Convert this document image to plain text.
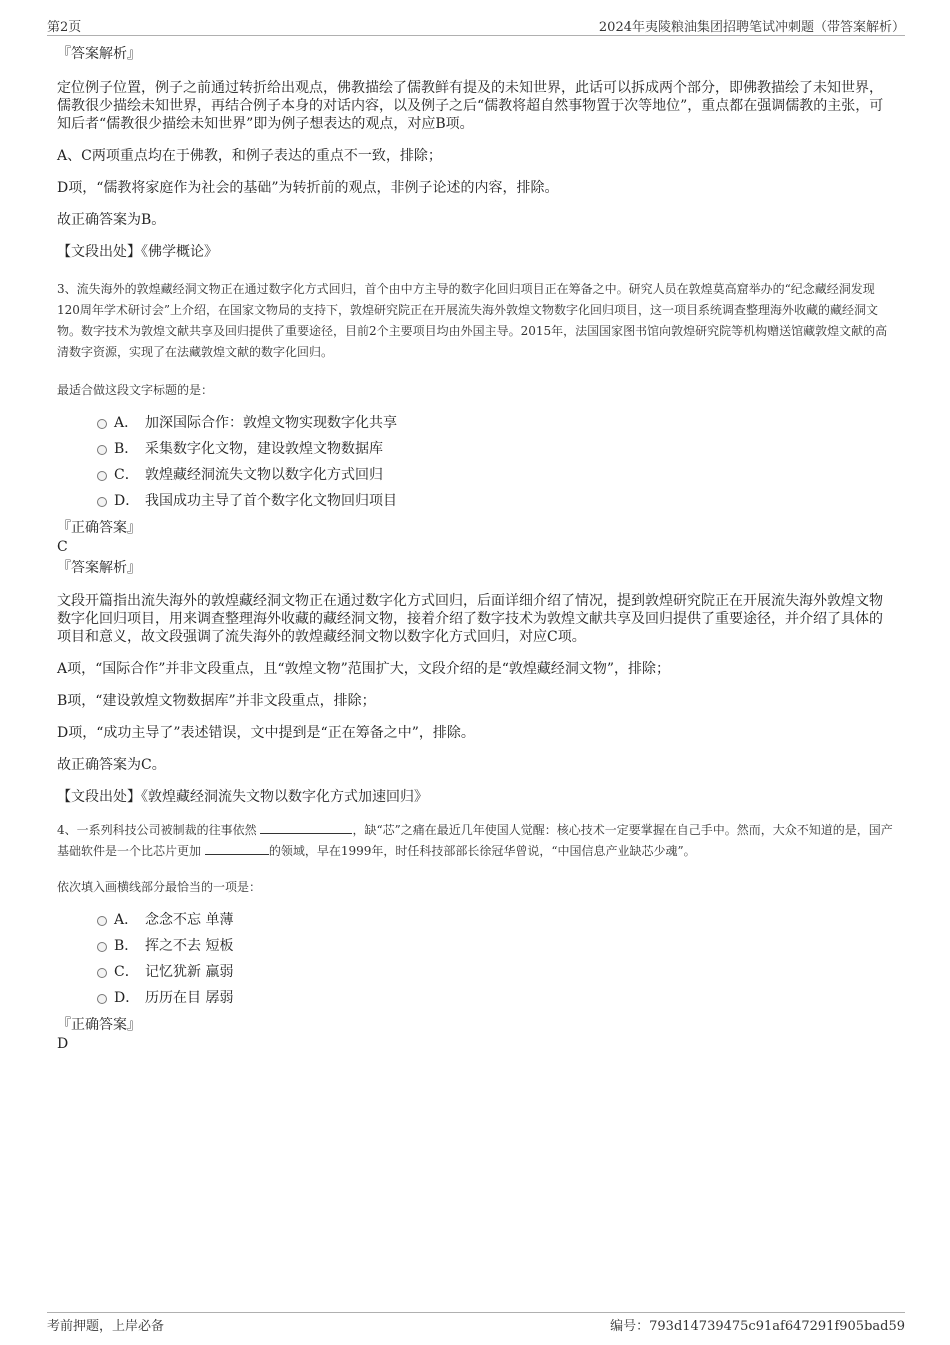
第2页	2024年夷陵粮油集团招聘笔试冲刺题（带答案解析）
『答案解析』

定位例子位置，例子之前通过转折给出观点，佛教描绘了儒教鲜有提及的未知世界，此话可以拆成两个部分，即佛教描绘了未知世界，儒教很少描绘未知世界，再结合例子本身的对话内容，以及例子之后“儒教将超自然事物置于次等地位”，重点都在强调儒教的主张，可知后者“儒教很少描绘未知世界”即为例子想表达的观点，对应B项。

A、C两项重点均在于佛教，和例子表达的重点不一致，排除；

D项，“儒教将家庭作为社会的基础”为转折前的观点，非例子论述的内容，排除。

故正确答案为B。

【文段出处】《佛学概论》

3、流失海外的敦煌藏经洞文物正在通过数字化方式回归，首个由中方主导的数字化回归项目正在筹备之中。研究人员在敦煌莫高窟举办的“纪念藏经洞发现120周年学术研讨会”上介绍，在国家文物局的支持下，敦煌研究院正在开展流失海外敦煌文物数字化回归项目，这一项目系统调查整理海外收藏的藏经洞文物。数字技术为敦煌文献共享及回归提供了重要途径，目前2个主要项目均由外国主导。2015年，法国国家图书馆向敦煌研究院等机构赠送馆藏敦煌文献的高清数字资源，实现了在法藏敦煌文献的数字化回归。

最适合做这段文字标题的是：

A． 加深国际合作：敦煌文物实现数字化共享
B． 采集数字化文物，建设敦煌文物数据库
C． 敦煌藏经洞流失文物以数字化方式回归
D． 我国成功主导了首个数字化文物回归项目
『正确答案』
C
『答案解析』

文段开篇指出流失海外的敦煌藏经洞文物正在通过数字化方式回归，后面详细介绍了情况，提到敦煌研究院正在开展流失海外敦煌文物数字化回归项目，用来调查整理海外收藏的藏经洞文物，接着介绍了数字技术为敦煌文献共享及回归提供了重要途径，并介绍了具体的项目和意义，故文段强调了流失海外的敦煌藏经洞文物以数字化方式回归，对应C项。

A项，“国际合作”并非文段重点，且“敦煌文物”范围扩大，文段介绍的是“敦煌藏经洞文物”，排除；

B项，“建设敦煌文物数据库”并非文段重点，排除；

D项，“成功主导了”表述错误，文中提到是“正在筹备之中”，排除。

故正确答案为C。

【文段出处】《敦煌藏经洞流失文物以数字化方式加速回归》

4、一系列科技公司被制裁的往事依然	，缺“芯”之痛在最近几年使国人觉醒：核心技术一定要掌握在自己手中。然而，大众不知道的是，国产基础软件是一个比芯片更加	的领域，早在1999年，时任科技部部长徐冠华曾说，“中国信息产业缺芯少魂”。

依次填入画横线部分最恰当的一项是：

A． 念念不忘 单薄
B． 挥之不去 短板
C． 记忆犹新 羸弱
D． 历历在目 孱弱
『正确答案』
D
考前押题，上岸必备	编号：793d14739475c91af647291f905bad59
